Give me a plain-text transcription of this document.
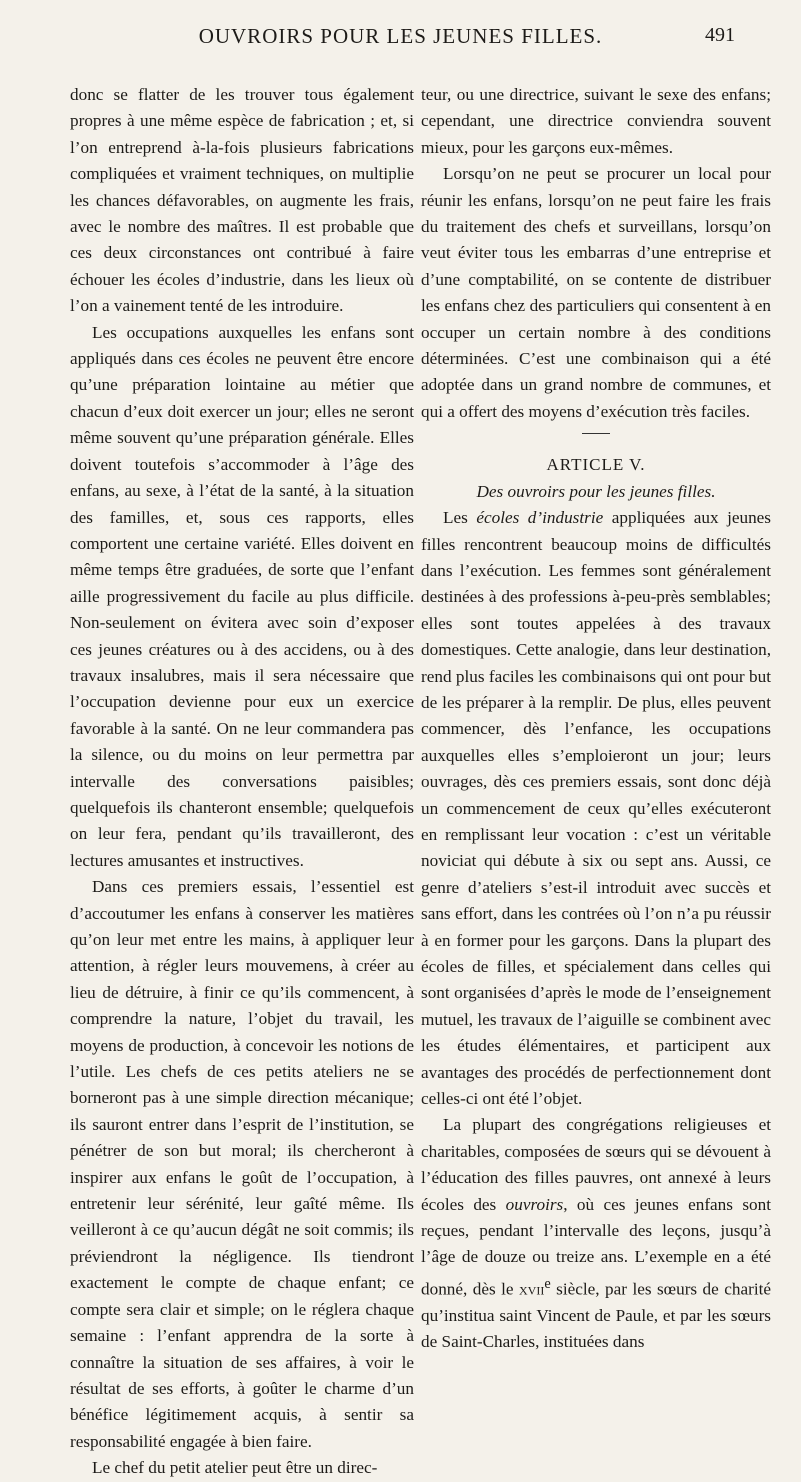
OUVROIRS POUR LES JEUNES FILLES.	491

donc se flatter de les trouver tous également propres à une même espèce de fabrication ; et, si l’on entreprend à-la-fois plusieurs fabrications compliquées et vraiment techniques, on multiplie les chances défavorables, on augmente les frais, avec le nombre des maîtres. Il est probable que ces deux circonstances ont contribué à faire échouer les écoles d’industrie, dans les lieux où l’on a vainement tenté de les introduire.

Les occupations auxquelles les enfans sont appliqués dans ces écoles ne peuvent être encore qu’une préparation lointaine au métier que chacun d’eux doit exercer un jour; elles ne seront même souvent qu’une préparation générale. Elles doivent toutefois s’accommoder à l’âge des enfans, au sexe, à l’état de la santé, à la situation des familles, et, sous ces rapports, elles comportent une certaine variété. Elles doivent en même temps être graduées, de sorte que l’enfant aille progressivement du facile au plus difficile. Non-seulement on évitera avec soin d’exposer ces jeunes créatures ou à des accidens, ou à des travaux insalubres, mais il sera nécessaire que l’occupation devienne pour eux un exercice favorable à la santé. On ne leur commandera pas la silence, ou du moins on leur permettra par intervalle des conversations paisibles; quelquefois ils chanteront ensemble; quelquefois on leur fera, pendant qu’ils travailleront, des lectures amusantes et instructives.

Dans ces premiers essais, l’essentiel est d’accoutumer les enfans à conserver les matières qu’on leur met entre les mains, à appliquer leur attention, à régler leurs mouvemens, à créer au lieu de détruire, à finir ce qu’ils commencent, à comprendre la nature, l’objet du travail, les moyens de production, à concevoir les notions de l’utile. Les chefs de ces petits ateliers ne se borneront pas à une simple direction mécanique; ils sauront entrer dans l’esprit de l’institution, se pénétrer de son but moral; ils chercheront à inspirer aux enfans le goût de l’occupation, à entretenir leur sérénité, leur gaîté même. Ils veilleront à ce qu’aucun dégât ne soit commis; ils préviendront la négligence. Ils tiendront exactement le compte de chaque enfant; ce compte sera clair et simple; on le réglera chaque semaine : l’enfant apprendra de la sorte à connaître la situation de ses affaires, à voir le résultat de ses efforts, à goûter le charme d’un bénéfice légitimement acquis, à sentir sa responsabilité engagée à bien faire.

Le chef du petit atelier peut être un direc-

teur, ou une directrice, suivant le sexe des enfans; cependant, une directrice conviendra souvent mieux, pour les garçons eux-mêmes.

Lorsqu’on ne peut se procurer un local pour réunir les enfans, lorsqu’on ne peut faire les frais du traitement des chefs et surveillans, lorsqu’on veut éviter tous les embarras d’une entreprise et d’une comptabilité, on se contente de distribuer les enfans chez des particuliers qui consentent à en occuper un certain nombre à des conditions déterminées. C’est une combinaison qui a été adoptée dans un grand nombre de communes, et qui a offert des moyens d’exécution très faciles.

ARTICLE V.

Des ouvroirs pour les jeunes filles.

Les écoles d’industrie appliquées aux jeunes filles rencontrent beaucoup moins de difficultés dans l’exécution. Les femmes sont généralement destinées à des professions à-peu-près semblables; elles sont toutes appelées à des travaux domestiques. Cette analogie, dans leur destination, rend plus faciles les combinaisons qui ont pour but de les préparer à la remplir. De plus, elles peuvent commencer, dès l’enfance, les occupations auxquelles elles s’emploieront un jour; leurs ouvrages, dès ces premiers essais, sont donc déjà un commencement de ceux qu’elles exécuteront en remplissant leur vocation : c’est un véritable noviciat qui débute à six ou sept ans. Aussi, ce genre d’ateliers s’est-il introduit avec succès et sans effort, dans les contrées où l’on n’a pu réussir à en former pour les garçons. Dans la plupart des écoles de filles, et spécialement dans celles qui sont organisées d’après le mode de l’enseignement mutuel, les travaux de l’aiguille se combinent avec les études élémentaires, et participent aux avantages des procédés de perfectionnement dont celles-ci ont été l’objet.

La plupart des congrégations religieuses et charitables, composées de sœurs qui se dévouent à l’éducation des filles pauvres, ont annexé à leurs écoles des ouvroirs, où ces jeunes enfans sont reçues, pendant l’intervalle des leçons, jusqu’à l’âge de douze ou treize ans. L’exemple en a été donné, dès le xvii$^e$ siècle, par les sœurs de charité qu’institua saint Vincent de Paule, et par les sœurs de Saint-Charles, instituées dans
